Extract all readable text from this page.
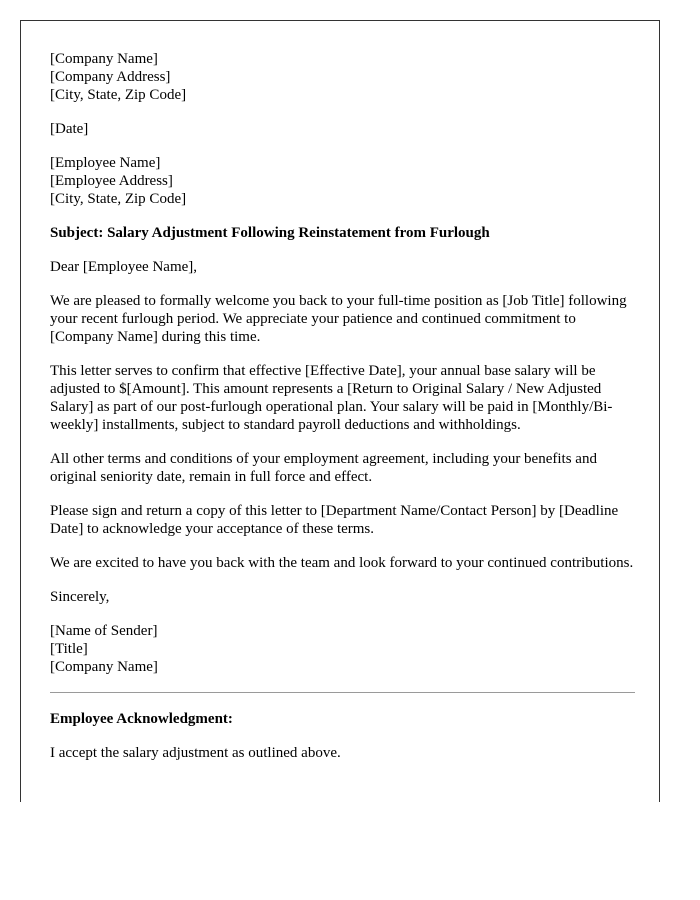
[Company Name]
[Company Address]
[City, State, Zip Code]
[Date]
[Employee Name]
[Employee Address]
[City, State, Zip Code]

Subject: Salary Adjustment Following Reinstatement from Furlough

Dear [Employee Name],

We are pleased to formally welcome you back to your full-time position as [Job Title] following your recent furlough period. We appreciate your patience and continued commitment to [Company Name] during this time.

This letter serves to confirm that effective [Effective Date], your annual base salary will be adjusted to $[Amount]. This amount represents a [Return to Original Salary / New Adjusted Salary] as part of our post-furlough operational plan. Your salary will be paid in [Monthly/Bi-weekly] installments, subject to standard payroll deductions and withholdings.

All other terms and conditions of your employment agreement, including your benefits and original seniority date, remain in full force and effect.

Please sign and return a copy of this letter to [Department Name/Contact Person] by [Deadline Date] to acknowledge your acceptance of these terms.

We are excited to have you back with the team and look forward to your continued contributions.

Sincerely,

[Name of Sender]
[Title]
[Company Name]

Employee Acknowledgment:

I accept the salary adjustment as outlined above.
